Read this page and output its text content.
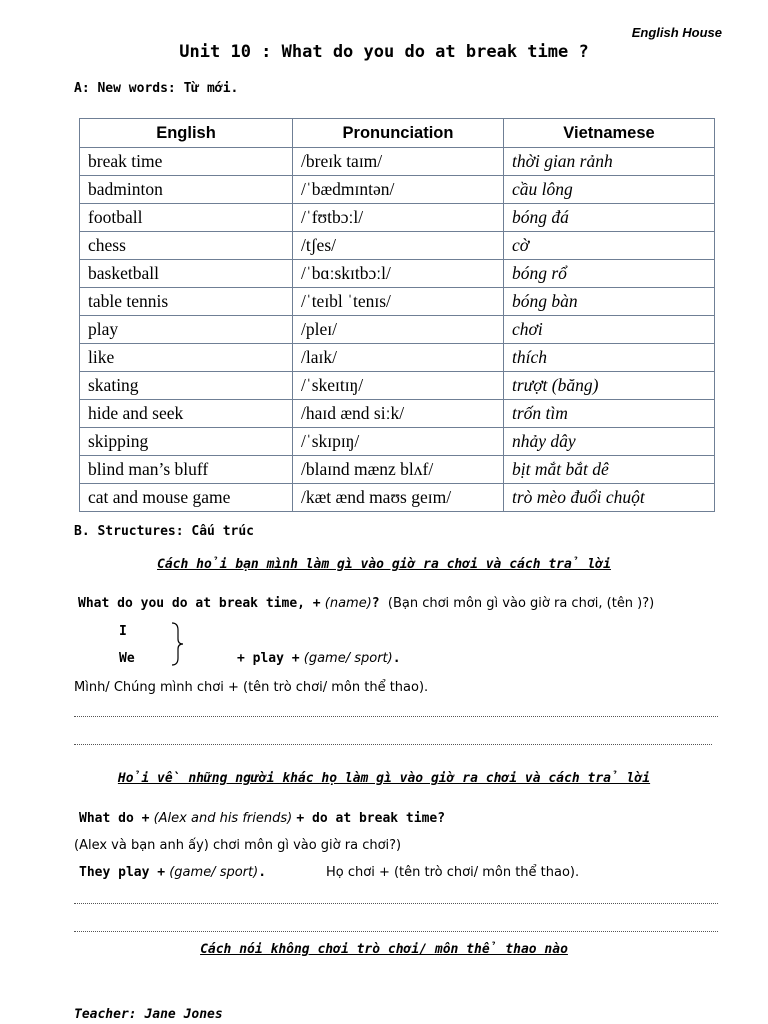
English House
Unit 10 : What do you do at break time ?
A: New words: Từ mới.
English	Pronunciation	Vietnamese
break time	/breɪk taɪm/	thời gian rảnh
badminton	/ˈbædmɪntən/	cầu lông
football	/ˈfʊtbɔːl/	bóng đá
chess	/tʃes/	cờ
basketball	/ˈbɑːskɪtbɔːl/	bóng rổ
table tennis	/ˈteɪbl ˈtenɪs/	bóng bàn
play	/pleɪ/	chơi
like	/laɪk/	thích
skating	/ˈskeɪtɪŋ/	trượt (băng)
hide and seek	/haɪd ænd siːk/	trốn tìm
skipping	/ˈskɪpɪŋ/	nhảy dây
blind man’s bluff	/blaɪnd mænz blʌf/	bịt mắt bắt dê
cat and mouse game	/kæt ænd maʊs geɪm/	trò mèo đuổi chuột
B. Structures: Cấu trúc
Cách hỏi bạn mình làm gì vào giờ ra chơi và cách trả lời
What do you do at break time, + (name)? (Bạn chơi môn gì vào giờ ra chơi, (tên )?)
I
We	+ play + (game/ sport).
Mình/ Chúng mình chơi + (tên trò chơi/ môn thể thao).
Hỏi về những người khác họ làm gì vào giờ ra chơi và cách trả lời
What do + (Alex and his friends) + do at break time?
(Alex và bạn anh ấy) chơi môn gì vào giờ ra chơi?)
They play + (game/ sport).	Họ chơi + (tên trò chơi/ môn thể thao).
Cách nói không chơi trò chơi/ môn thể thao nào
Teacher: Jane Jones
